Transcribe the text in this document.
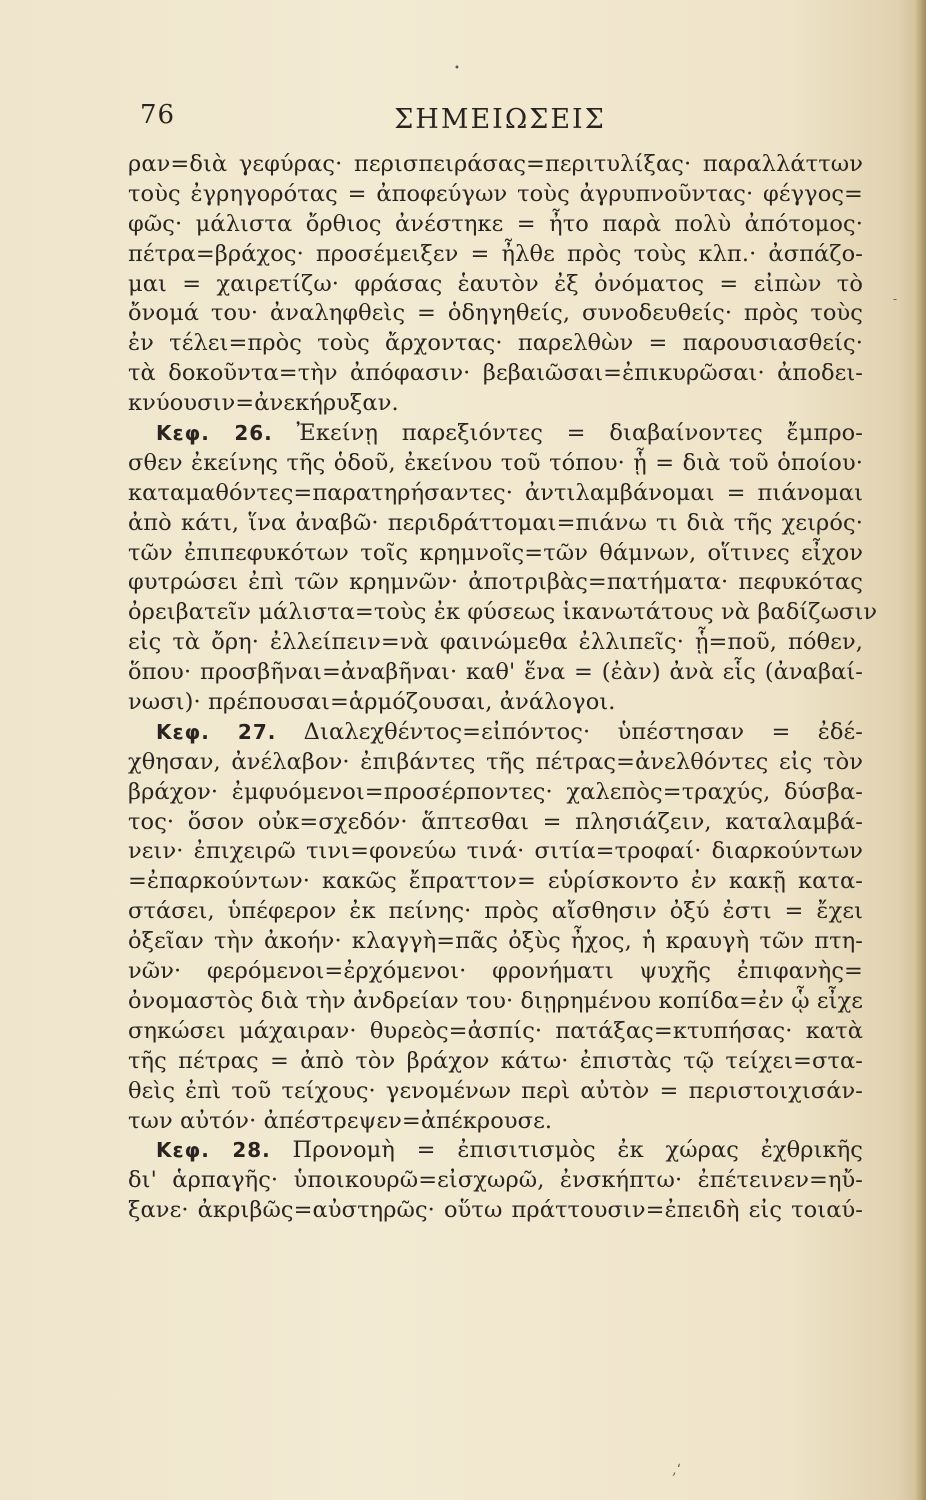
•
-
76	ΣΗΜΕΙΩΣΕΙΣ
ραν=διὰ γεφύρας· περισπειράσας=περιτυλίξας· παραλλάττων
τοὺς ἐγρηγορότας = ἀποφεύγων τοὺς ἀγρυπνοῦντας· φέγγος=
φῶς· μάλιστα ὄρθιος ἀνέστηκε = ἦτο παρὰ πολὺ ἀπότομος·
πέτρα=βράχος· προσέμειξεν = ἦλθε πρὸς τοὺς κλπ.· ἀσπάζο-
μαι = χαιρετίζω· φράσας ἑαυτὸν ἐξ ὀνόματος = εἰπὼν τὸ
ὄνομά του· ἀναληφθεὶς = ὁδηγηθείς, συνοδευθείς· πρὸς τοὺς
ἐν τέλει=πρὸς τοὺς ἄρχοντας· παρελθὼν = παρουσιασθείς·
τὰ δοκοῦντα=τὴν ἀπόφασιν· βεβαιῶσαι=ἐπικυρῶσαι· ἀποδει-
κνύουσιν=ἀνεκήρυξαν.
Κεφ. 26. Ἐκείνῃ παρεξιόντες = διαβαίνοντες ἔμπρο-
σθεν ἐκείνης τῆς ὁδοῦ, ἐκείνου τοῦ τόπου· ᾗ = διὰ τοῦ ὁποίου·
καταμαθόντες=παρατηρήσαντες· ἀντιλαμβάνομαι = πιάνομαι
ἀπὸ κάτι, ἵνα ἀναβῶ· περιδράττομαι=πιάνω τι διὰ τῆς χειρός·
τῶν ἐπιπεφυκότων τοῖς κρημνοῖς=τῶν θάμνων, οἵτινες εἶχον
φυτρώσει ἐπὶ τῶν κρημνῶν· ἀποτριβὰς=πατήματα· πεφυκότας
ὀρειβατεῖν μάλιστα=τοὺς ἐκ φύσεως ἱκανωτάτους νὰ βαδίζωσιν
εἰς τὰ ὄρη· ἐλλείπειν=νὰ φαινώμεθα ἐλλιπεῖς· ᾗ=ποῦ, πόθεν,
ὅπου· προσβῆναι=ἀναβῆναι· καθ' ἕνα = (ἐὰν) ἀνὰ εἷς (ἀναβαί-
νωσι)· πρέπουσαι=ἁρμόζουσαι, ἀνάλογοι.
Κεφ. 27. Διαλεχθέντος=εἰπόντος· ὑπέστησαν = ἐδέ-
χθησαν, ἀνέλαβον· ἐπιβάντες τῆς πέτρας=ἀνελθόντες εἰς τὸν
βράχον· ἐμφυόμενοι=προσέρποντες· χαλεπὸς=τραχύς, δύσβα-
τος· ὅσον οὐκ=σχεδόν· ἅπτεσθαι = πλησιάζειν, καταλαμβά-
νειν· ἐπιχειρῶ τινι=φονεύω τινά· σιτία=τροφαί· διαρκούντων
=ἐπαρκούντων· κακῶς ἔπραττον= εὑρίσκοντο ἐν κακῇ κατα-
στάσει, ὑπέφερον ἐκ πείνης· πρὸς αἴσθησιν ὀξύ ἐστι = ἔχει
ὀξεῖαν τὴν ἀκοήν· κλαγγὴ=πᾶς ὀξὺς ἦχος, ἡ κραυγὴ τῶν πτη-
νῶν· φερόμενοι=ἐρχόμενοι· φρονήματι ψυχῆς ἐπιφανὴς=
ὀνομαστὸς διὰ τὴν ἀνδρείαν του· διῃρημένου κοπίδα=ἐν ᾧ εἶχε
σηκώσει μάχαιραν· θυρεὸς=ἀσπίς· πατάξας=κτυπήσας· κατὰ
τῆς πέτρας = ἀπὸ τὸν βράχον κάτω· ἐπιστὰς τῷ τείχει=στα-
θεὶς ἐπὶ τοῦ τείχους· γενομένων περὶ αὐτὸν = περιστοιχισάν-
των αὐτόν· ἀπέστρεψεν=ἀπέκρουσε.
Κεφ. 28. Προνομὴ = ἐπισιτισμὸς ἐκ χώρας ἐχθρικῆς
δι' ἁρπαγῆς· ὑποικουρῶ=εἰσχωρῶ, ἐνσκήπτω· ἐπέτεινεν=ηὔ-
ξανε· ἀκριβῶς=αὐστηρῶς· οὕτω πράττουσιν=ἐπειδὴ εἰς τοιαύ-
‚‘
